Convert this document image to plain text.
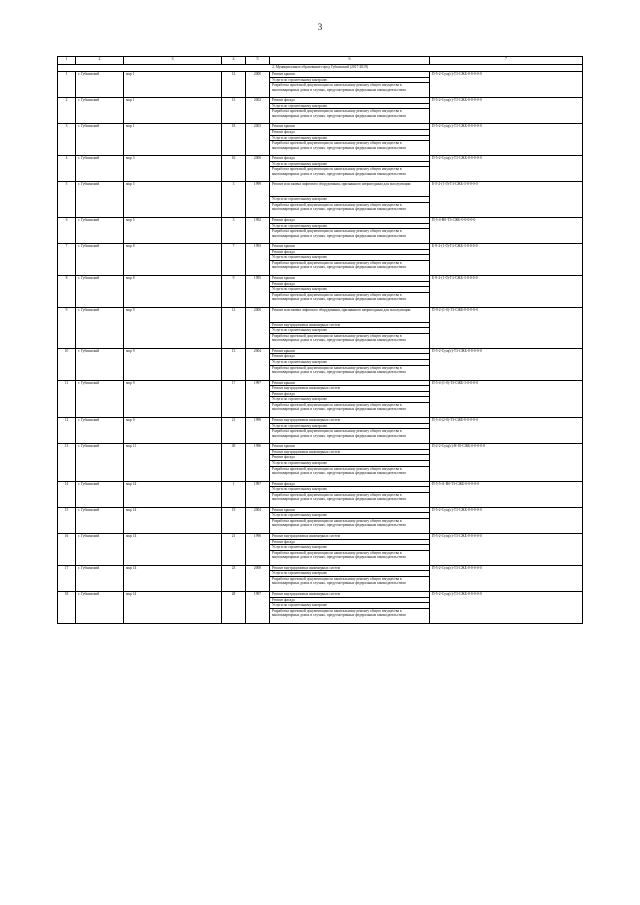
3
1	2	3	4	5	6	7
2. Муниципальное образование город Губкинский (2017-2019)						
1	г. Губкинский	мкр 1	12	2000	Ремонт крыши
Услуги по строительному контролю
Разработка проектной документации по капитальному ремонту общего имущества в многоквартирных домах в случаях, предусмотренных федеральным законодательством	П-5-2-Сущ(с)-Т3-СЖБ-0-0-0-0-0
2	г. Губкинский	мкр 1	15	2002	Ремонт фасада
Услуги по строительному контролю
Разработка проектной документации по капитальному ремонту общего имущества в многоквартирных домах в случаях, предусмотренных федеральным законодательством	П-5-2-Сущ(с)-Т3-СЖБ-0-0-0-0-0
3	г. Губкинский	мкр 1	18	2003	Ремонт крыши
Ремонт фасада
Услуги по строительному контролю
Разработка проектной документации по капитальному ремонту общего имущества в многоквартирных домах в случаях, предусмотренных федеральным законодательством	П-5-2-Сущ(с)-Т3-СЖБ-0-0-0-0-0
4	г. Губкинский	мкр 3	16	2006	Ремонт фасада
Услуги по строительному контролю
Разработка проектной документации по капитальному ремонту общего имущества в многоквартирных домах в случаях, предусмотренных федеральным законодательством	П-5-2-Сущ(с)-Т3-СЖБ-0-0-0-0-0
5	г. Губкинский	мкр 5	3	1999	Ремонт или замена лифтового оборудования, признанного непригодным для эксплуатации
Услуги по строительному контролю
Разработка проектной документации по капитальному ремонту общего имущества в многоквартирных домах в случаях, предусмотренных федеральным законодательством	Е-5-2-(1-0)-Т3-СЖБ-3-0-0-0-0
6	г. Губкинский	мкр 5	5	1992	Ремонт фасада
Услуги по строительному контролю
Разработка проектной документации по капитальному ремонту общего имущества в многоквартирных домах в случаях, предусмотренных федеральным законодательством	П-5-4-Нб-Т3-СЖБ-0-0-0-0-0
7	г. Губкинский	мкр 8	7	1993	Ремонт крыши
Ремонт фасада
Услуги по строительному контролю
Разработка проектной документации по капитальному ремонту общего имущества в многоквартирных домах в случаях, предусмотренных федеральным законодательством	Е-9-2-(1-0)-Т3-СЖБ-3-0-0-0-0
8	г. Губкинский	мкр 8	9	1995	Ремонт крыши
Ремонт фасада
Услуги по строительному контролю
Разработка проектной документации по капитальному ремонту общего имущества в многоквартирных домах в случаях, предусмотренных федеральным законодательством	Е-9-2-(1-0)-Т3-СЖБ-3-0-0-0-0
9	г. Губкинский	мкр 9	12	2000	Ремонт или замена лифтового оборудования, признанного непригодным для эксплуатации
Ремонт внутридомовых инженерных систем
Услуги по строительному контролю
Разработка проектной документации по капитальному ремонту общего имущества в многоквартирных домах в случаях, предусмотренных федеральным законодательством	П-9-2-(1-0)-Т3-СЖБ-0-0-0-0-0
10	г. Губкинский	мкр 9	13	2004	Ремонт крыши
Ремонт фасада
Услуги по строительному контролю
Разработка проектной документации по капитальному ремонту общего имущества в многоквартирных домах в случаях, предусмотренных федеральным законодательством	П-5-2-Сущ(с)-Т3-СЖБ-0-0-0-0-0
11	г. Губкинский	мкр 9	17	1997	Ремонт крыши
Ремонт внутридомовых инженерных систем
Ремонт фасада
Услуги по строительному контролю
Разработка проектной документации по капитальному ремонту общего имущества в многоквартирных домах в случаях, предусмотренных федеральным законодательством	П-5-4-(1-0)-Т3-СЖБ-3-0-0-0-0
12	г. Губкинский	мкр 9	21	1998	Ремонт внутридомовых инженерных систем
Услуги по строительному контролю
Разработка проектной документации по капитальному ремонту общего имущества в многоквартирных домах в случаях, предусмотренных федеральным законодательством	П-5-4-(2-0)-Т3-СЖБ-0-0-0-0-0
13	г. Губкинский	мкр 11	49	1996	Ремонт крыши
Ремонт внутридомовых инженерных систем
Ремонт фасада
Услуги по строительному контролю
Разработка проектной документации по капитальному ремонту общего имущества в многоквартирных домах в случаях, предусмотренных федеральным законодательством	П-2-2-Сущ(с)-Н-10-СЖБ-0-0-0-0-0
14	г. Губкинский	мкр 14	1	1997	Ремонт фасада
Услуги по строительному контролю
Разработка проектной документации по капитальному ремонту общего имущества в многоквартирных домах в случаях, предусмотренных федеральным законодательством	П-5-5-А-Нб-Т3-СЖБ-0-0-0-0-0
15	г. Губкинский	мкр 14	19	2004	Ремонт крыши
Услуги по строительному контролю
Разработка проектной документации по капитальному ремонту общего имущества в многоквартирных домах в случаях, предусмотренных федеральным законодательством	П-5-2-Сущ(с)-Т3-СЖБ-0-0-0-0-0
16	г. Губкинский	мкр 14	21	1996	Ремонт внутридомовых инженерных систем
Ремонт фасада
Услуги по строительному контролю
Разработка проектной документации по капитальному ремонту общего имущества в многоквартирных домах в случаях, предусмотренных федеральным законодательством	П-5-2-Сущ(с)-Т3-СЖБ-0-0-0-0-0
17	г. Губкинский	мкр 14	23	2008	Ремонт внутридомовых инженерных систем
Услуги по строительному контролю
Разработка проектной документации по капитальному ремонту общего имущества в многоквартирных домах в случаях, предусмотренных федеральным законодательством	П-5-2-Сущ(с)-Т3-СЖБ-0-0-0-0-0
18	г. Губкинский	мкр 14	28	1997	Ремонт внутридомовых инженерных систем
Ремонт фасада
Услуги по строительному контролю
Разработка проектной документации по капитальному ремонту общего имущества в многоквартирных домах в случаях, предусмотренных федеральным законодательством	П-5-2-Сущ(с)-Т3-СЖБ-0-0-0-0-0
